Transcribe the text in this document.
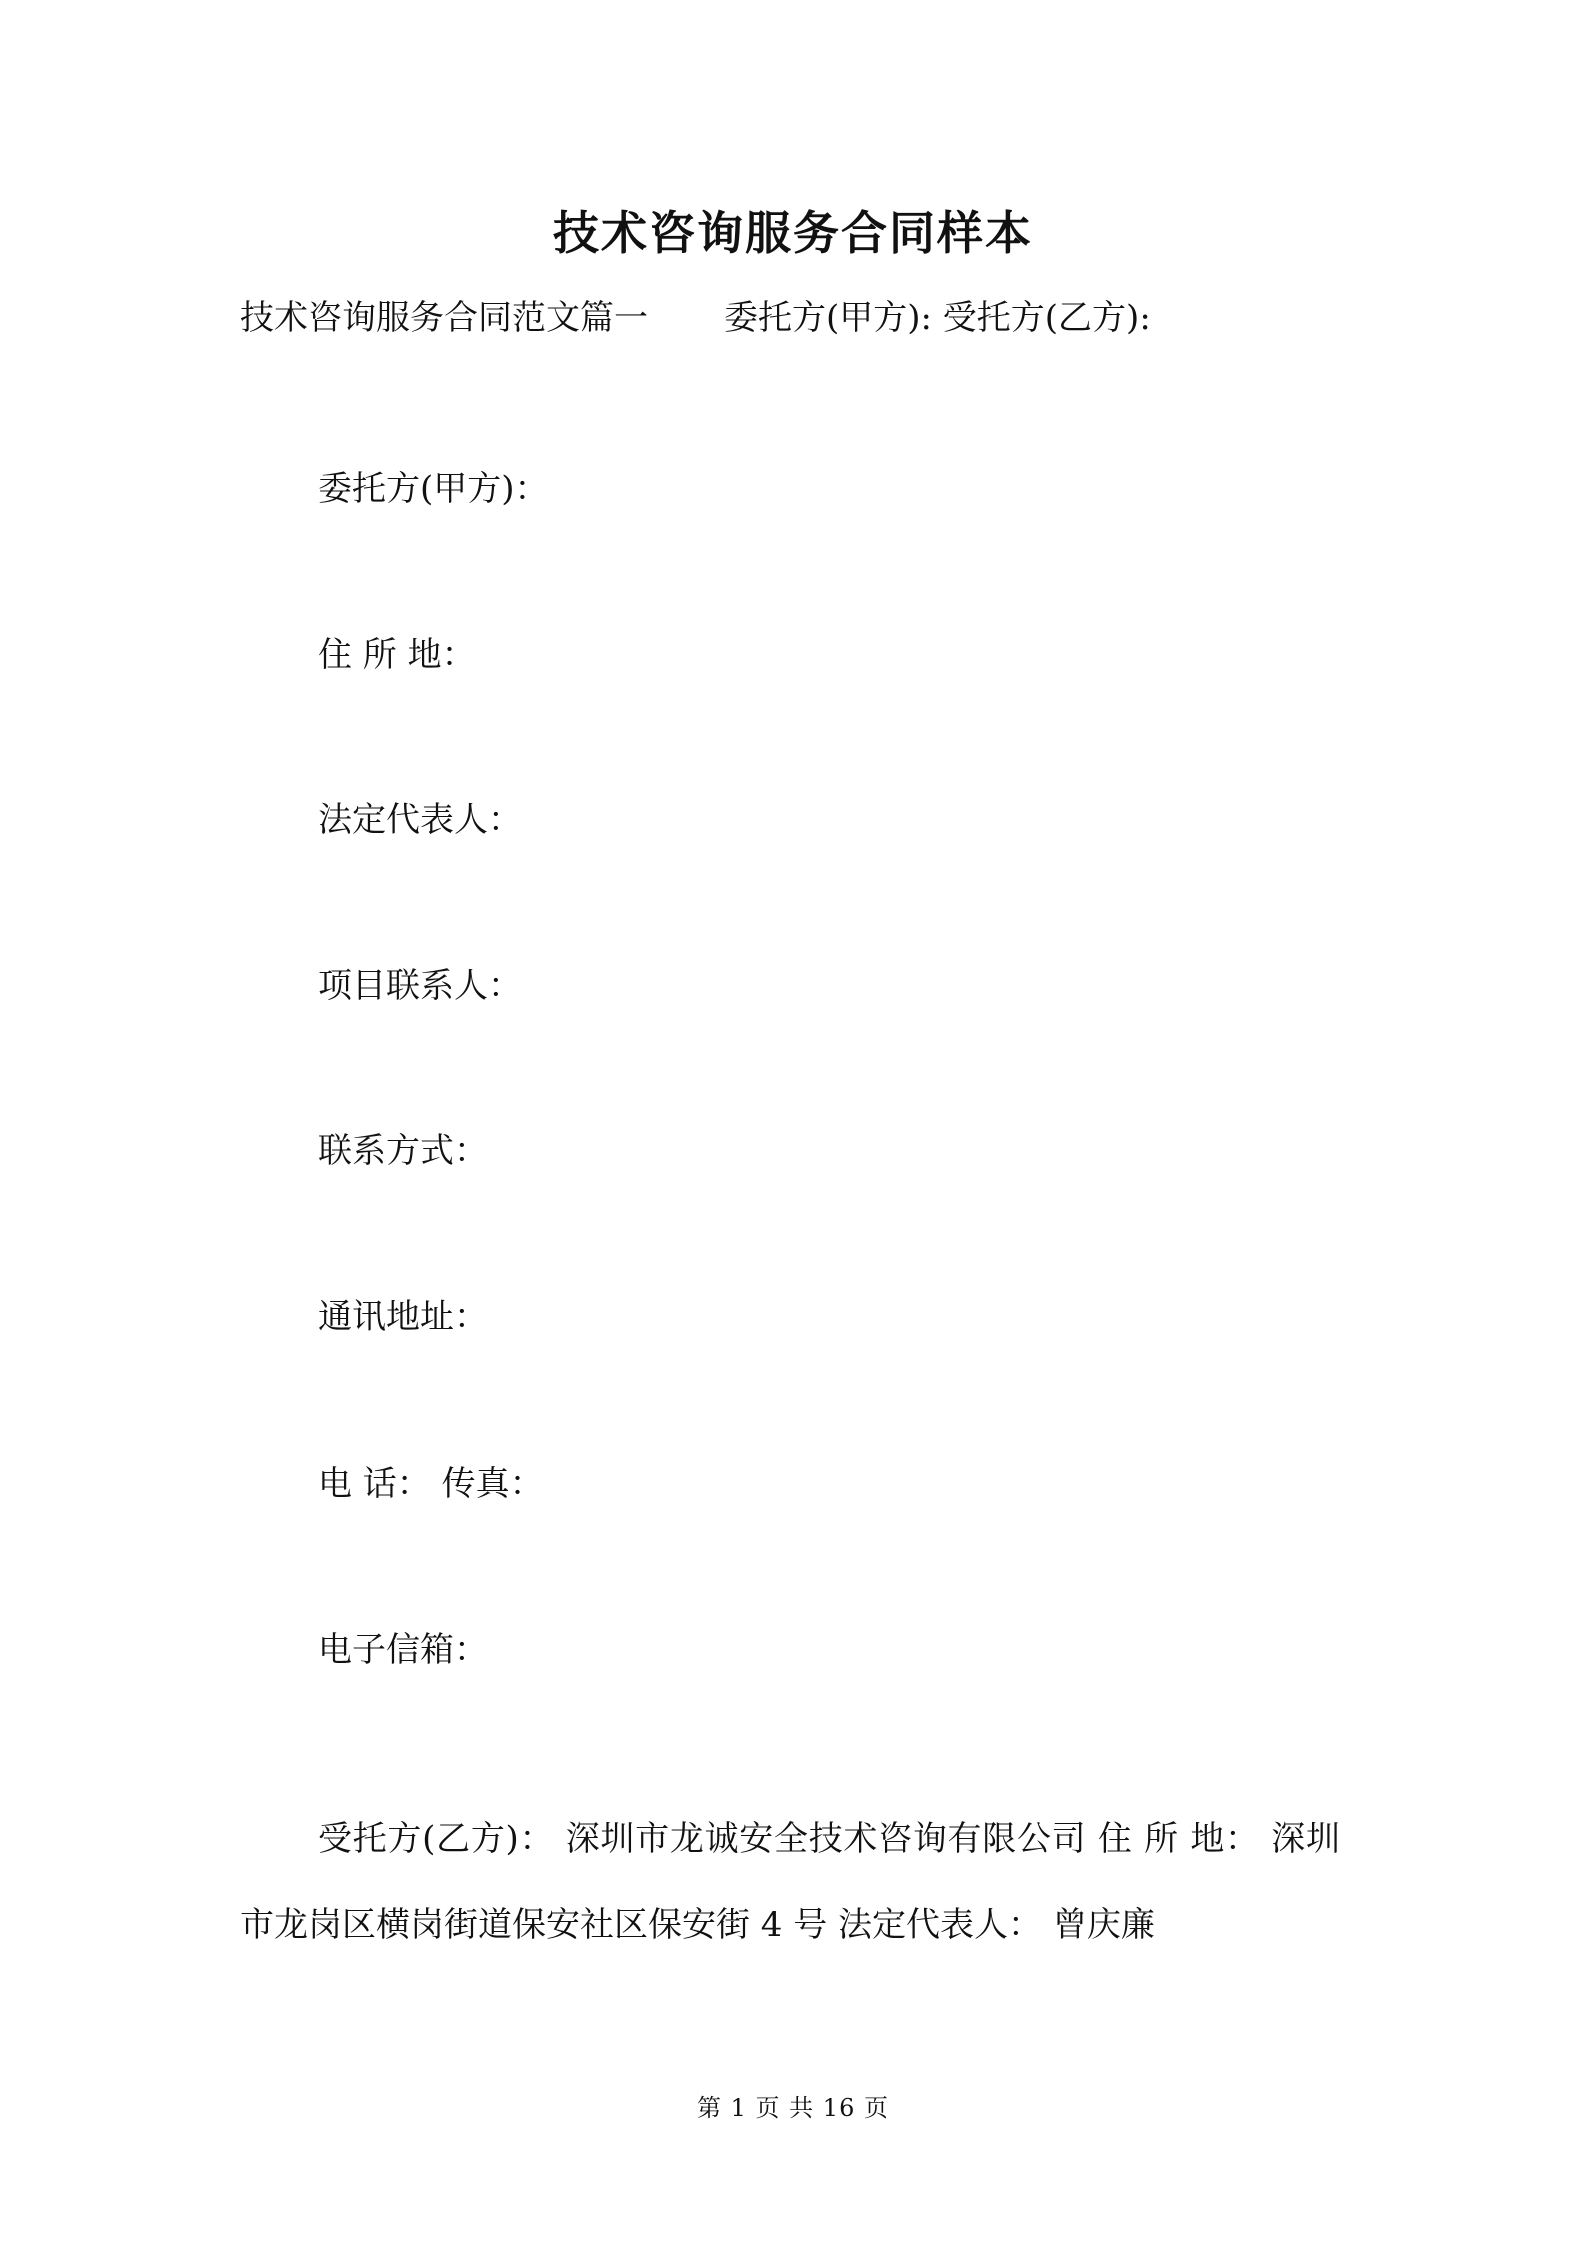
技术咨询服务合同样本
技术咨询服务合同范文篇一 委托方(甲方): 受托方(乙方):
委托方(甲方)：
住 所 地：
法定代表人：
项目联系人：
联系方式：
通讯地址：
电 话： 传真：
电子信箱：
受托方(乙方)： 深圳市龙诚安全技术咨询有限公司 住 所 地： 深圳市龙岗区横岗街道保安社区保安街 4 号 法定代表人： 曾庆廉
第 1 页 共 16 页
